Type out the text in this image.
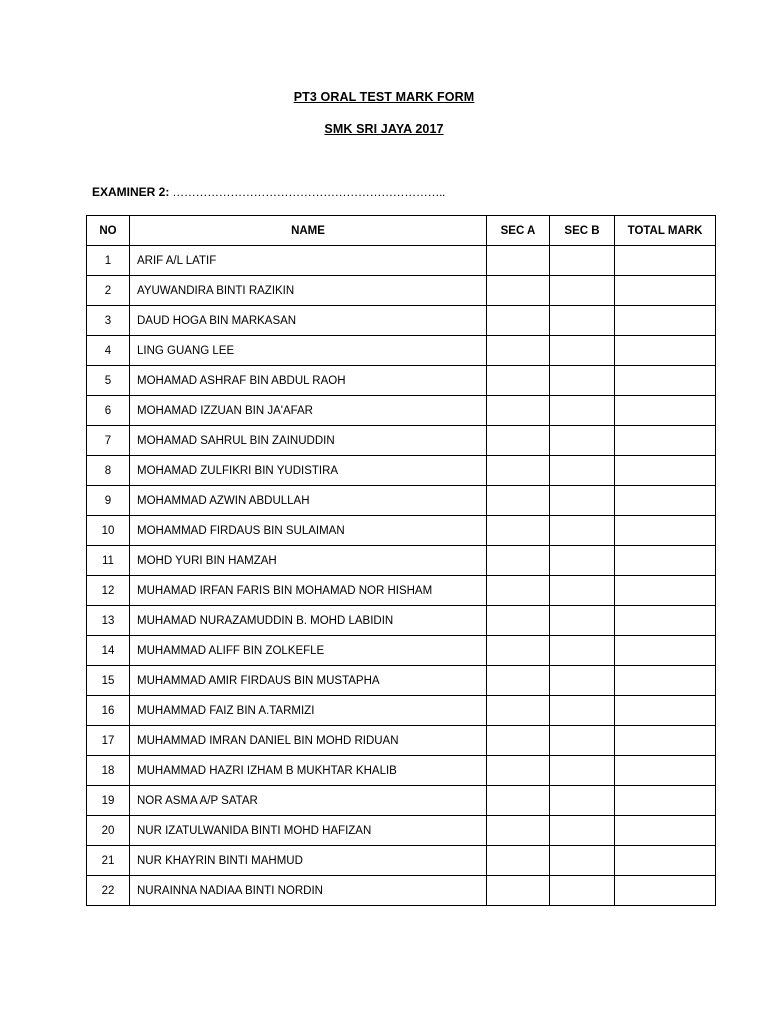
PT3 ORAL TEST MARK FORM
SMK SRI JAYA 2017
EXAMINER 2: ……………………………………………………………..
NO	NAME	SEC A	SEC B	TOTAL MARK
1	ARIF A/L LATIF			
2	AYUWANDIRA BINTI RAZIKIN			
3	DAUD HOGA BIN MARKASAN			
4	LING GUANG LEE			
5	MOHAMAD ASHRAF BIN ABDUL RAOH			
6	MOHAMAD IZZUAN BIN JA'AFAR			
7	MOHAMAD SAHRUL BIN ZAINUDDIN			
8	MOHAMAD ZULFIKRI BIN YUDISTIRA			
9	MOHAMMAD AZWIN ABDULLAH			
10	MOHAMMAD FIRDAUS BIN SULAIMAN			
11	MOHD YURI BIN HAMZAH			
12	MUHAMAD IRFAN FARIS BIN MOHAMAD NOR HISHAM			
13	MUHAMAD NURAZAMUDDIN B. MOHD LABIDIN			
14	MUHAMMAD ALIFF BIN ZOLKEFLE			
15	MUHAMMAD AMIR FIRDAUS BIN MUSTAPHA			
16	MUHAMMAD FAIZ BIN A.TARMIZI			
17	MUHAMMAD IMRAN DANIEL BIN MOHD RIDUAN			
18	MUHAMMAD HAZRI IZHAM B MUKHTAR KHALIB			
19	NOR ASMA A/P SATAR			
20	NUR IZATULWANIDA BINTI MOHD HAFIZAN			
21	NUR KHAYRIN BINTI MAHMUD			
22	NURAINNA NADIAA BINTI NORDIN			
